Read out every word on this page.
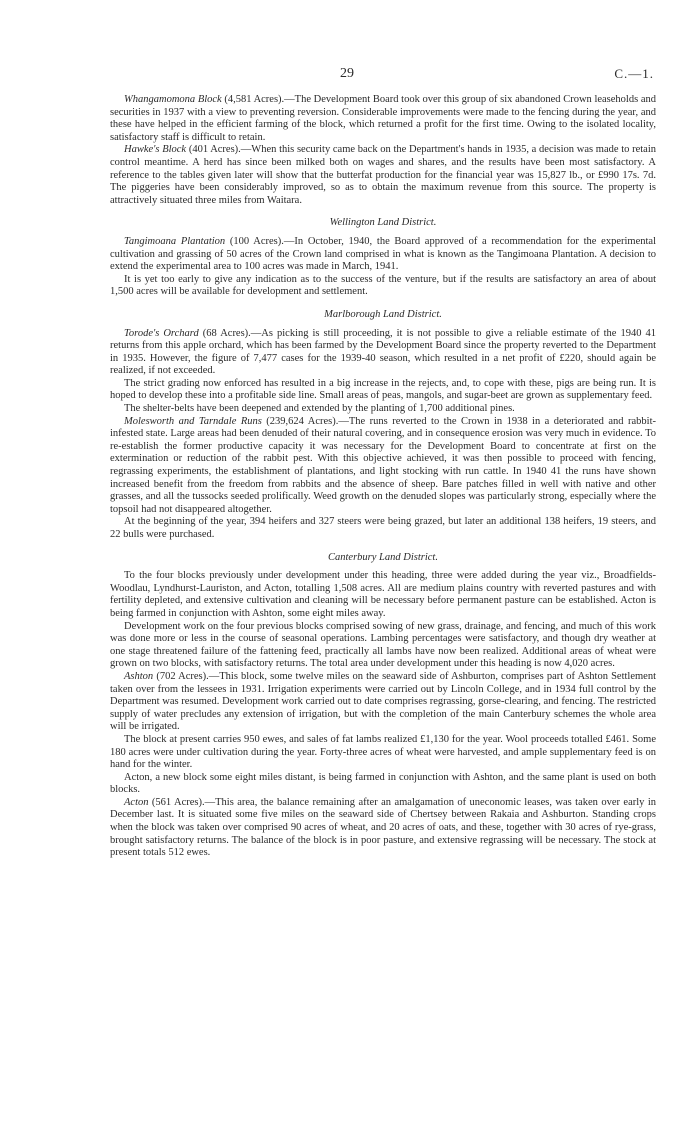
29	C.—1.

Whangamomona Block (4,581 Acres).—The Development Board took over this group of six abandoned Crown leaseholds and securities in 1937 with a view to preventing reversion. Considerable improvements were made to the fencing during the year, and these have helped in the efficient farming of the block, which returned a profit for the first time. Owing to the isolated locality, satisfactory staff is difficult to retain.

Hawke's Block (401 Acres).—When this security came back on the Department's hands in 1935, a decision was made to retain control meantime. A herd has since been milked both on wages and shares, and the results have been most satisfactory. A reference to the tables given later will show that the butterfat production for the financial year was 15,827 lb., or £990 17s. 7d. The piggeries have been considerably improved, so as to obtain the maximum revenue from this source. The property is attractively situated three miles from Waitara.

Wellington Land District.

Tangimoana Plantation (100 Acres).—In October, 1940, the Board approved of a recommendation for the experimental cultivation and grassing of 50 acres of the Crown land comprised in what is known as the Tangimoana Plantation. A decision to extend the experimental area to 100 acres was made in March, 1941.

It is yet too early to give any indication as to the success of the venture, but if the results are satisfactory an area of about 1,500 acres will be available for development and settlement.

Marlborough Land District.

Torode's Orchard (68 Acres).—As picking is still proceeding, it is not possible to give a reliable estimate of the 1940 41 returns from this apple orchard, which has been farmed by the Development Board since the property reverted to the Department in 1935. However, the figure of 7,477 cases for the 1939-40 season, which resulted in a net profit of £220, should again be realized, if not exceeded.

The strict grading now enforced has resulted in a big increase in the rejects, and, to cope with these, pigs are being run. It is hoped to develop these into a profitable side line. Small areas of peas, mangols, and sugar-beet are grown as supplementary feed.

The shelter-belts have been deepened and extended by the planting of 1,700 additional pines.

Molesworth and Tarndale Runs (239,624 Acres).—The runs reverted to the Crown in 1938 in a deteriorated and rabbit-infested state. Large areas had been denuded of their natural covering, and in consequence erosion was very much in evidence. To re-establish the former productive capacity it was necessary for the Development Board to concentrate at first on the extermination or reduction of the rabbit pest. With this objective achieved, it was then possible to proceed with fencing, regrassing experiments, the establishment of plantations, and light stocking with run cattle. In 1940 41 the runs have shown increased benefit from the freedom from rabbits and the absence of sheep. Bare patches filled in well with native and other grasses, and all the tussocks seeded prolifically. Weed growth on the denuded slopes was particularly strong, especially where the topsoil had not disappeared altogether.

At the beginning of the year, 394 heifers and 327 steers were being grazed, but later an additional 138 heifers, 19 steers, and 22 bulls were purchased.

Canterbury Land District.

To the four blocks previously under development under this heading, three were added during the year viz., Broadfields-Woodlau, Lyndhurst-Lauriston, and Acton, totalling 1,508 acres. All are medium plains country with reverted pastures and with fertility depleted, and extensive cultivation and cleaning will be necessary before permanent pasture can be established. Acton is being farmed in conjunction with Ashton, some eight miles away.

Development work on the four previous blocks comprised sowing of new grass, drainage, and fencing, and much of this work was done more or less in the course of seasonal operations. Lambing percentages were satisfactory, and though dry weather at one stage threatened failure of the fattening feed, practically all lambs have now been realized. Additional areas of wheat were grown on two blocks, with satisfactory returns. The total area under development under this heading is now 4,020 acres.

Ashton (702 Acres).—This block, some twelve miles on the seaward side of Ashburton, comprises part of Ashton Settlement taken over from the lessees in 1931. Irrigation experiments were carried out by Lincoln College, and in 1934 full control by the Department was resumed. Development work carried out to date comprises regrassing, gorse-clearing, and fencing. The restricted supply of water precludes any extension of irrigation, but with the completion of the main Canterbury schemes the whole area will be irrigated.

The block at present carries 950 ewes, and sales of fat lambs realized £1,130 for the year. Wool proceeds totalled £461. Some 180 acres were under cultivation during the year. Forty-three acres of wheat were harvested, and ample supplementary feed is on hand for the winter.

Acton, a new block some eight miles distant, is being farmed in conjunction with Ashton, and the same plant is used on both blocks.

Acton (561 Acres).—This area, the balance remaining after an amalgamation of uneconomic leases, was taken over early in December last. It is situated some five miles on the seaward side of Chertsey between Rakaia and Ashburton. Standing crops when the block was taken over comprised 90 acres of wheat, and 20 acres of oats, and these, together with 30 acres of rye-grass, brought satisfactory returns. The balance of the block is in poor pasture, and extensive regrassing will be necessary. The stock at present totals 512 ewes.
